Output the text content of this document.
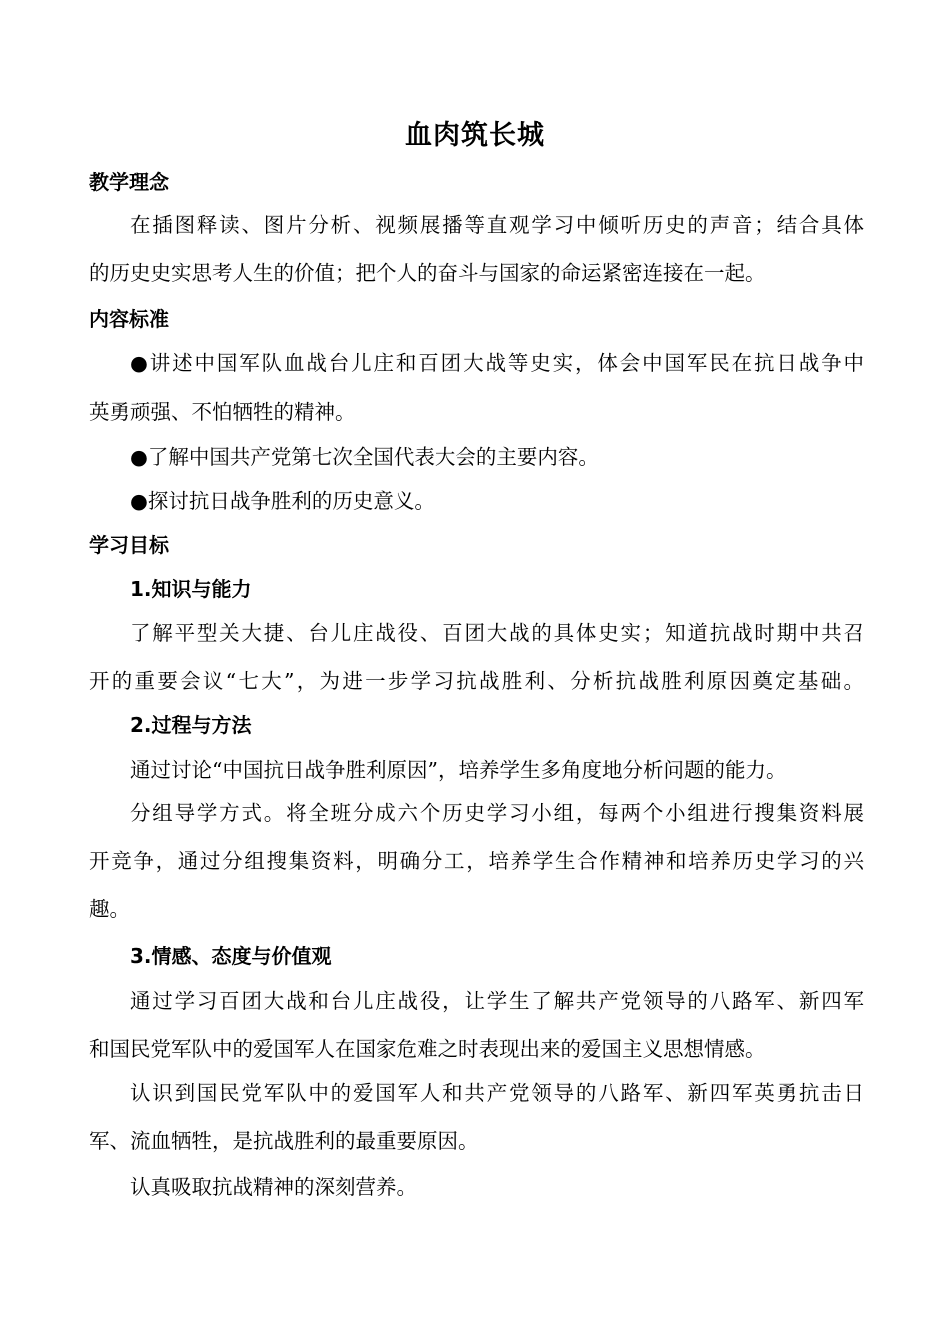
血肉筑长城
教学理念
在插图释读、图片分析、视频展播等直观学习中倾听历史的声音；结合具体
的历史史实思考人生的价值；把个人的奋斗与国家的命运紧密连接在一起。
内容标准
●讲述中国军队血战台儿庄和百团大战等史实，体会中国军民在抗日战争中
英勇顽强、不怕牺牲的精神。
●了解中国共产党第七次全国代表大会的主要内容。
●探讨抗日战争胜利的历史意义。
学习目标
1.知识与能力
了解平型关大捷、台儿庄战役、百团大战的具体史实；知道抗战时期中共召
开的重要会议“七大”，为进一步学习抗战胜利、分析抗战胜利原因奠定基础。
2.过程与方法
通过讨论“中国抗日战争胜利原因”，培养学生多角度地分析问题的能力。
分组导学方式。将全班分成六个历史学习小组，每两个小组进行搜集资料展
开竞争，通过分组搜集资料，明确分工，培养学生合作精神和培养历史学习的兴
趣。
3.情感、态度与价值观
通过学习百团大战和台儿庄战役，让学生了解共产党领导的八路军、新四军
和国民党军队中的爱国军人在国家危难之时表现出来的爱国主义思想情感。
认识到国民党军队中的爱国军人和共产党领导的八路军、新四军英勇抗击日
军、流血牺牲，是抗战胜利的最重要原因。
认真吸取抗战精神的深刻营养。
